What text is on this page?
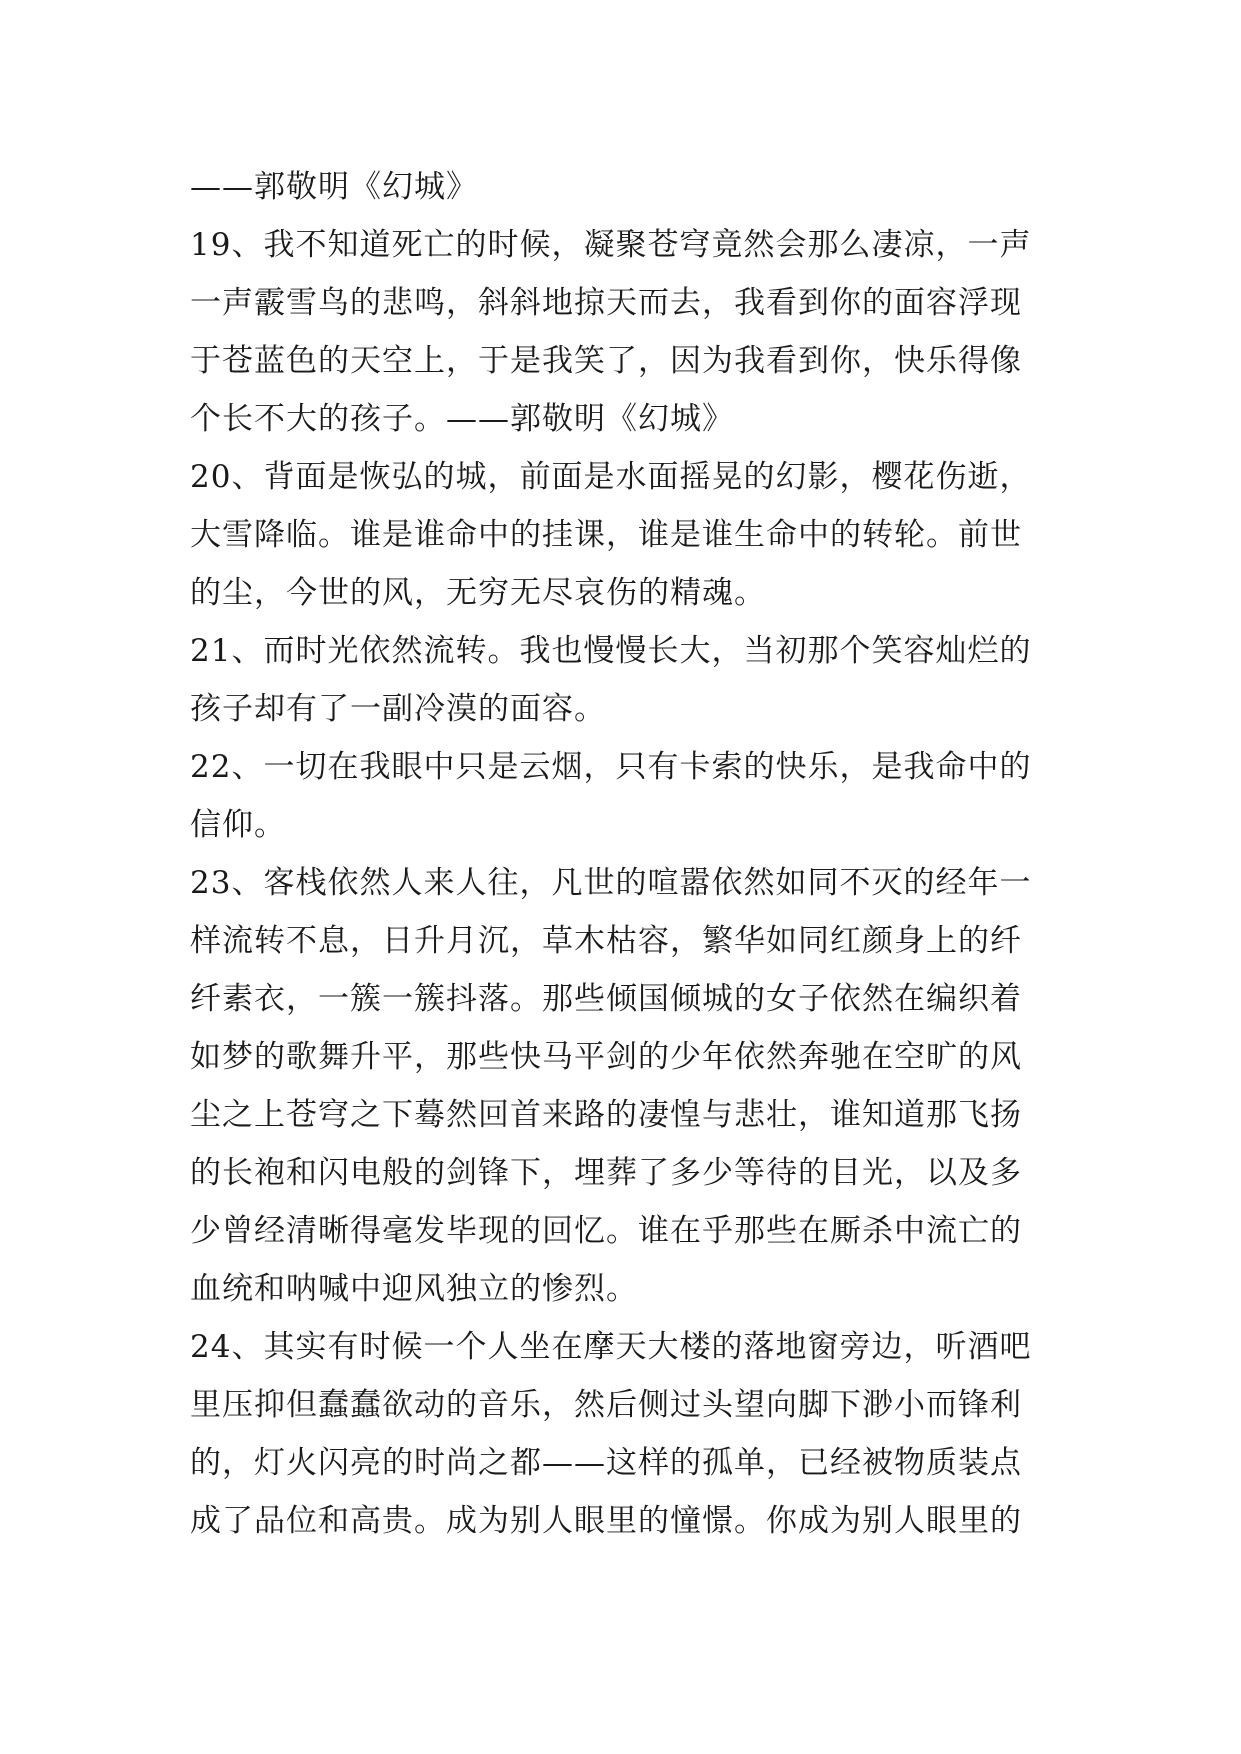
——郭敬明《幻城》
19、我不知道死亡的时候，凝聚苍穹竟然会那么凄凉，一声
一声霰雪鸟的悲鸣，斜斜地掠天而去，我看到你的面容浮现
于苍蓝色的天空上，于是我笑了，因为我看到你，快乐得像
个长不大的孩子。——郭敬明《幻城》
20、背面是恢弘的城，前面是水面摇晃的幻影，樱花伤逝，
大雪降临。谁是谁命中的挂课，谁是谁生命中的转轮。前世
的尘，今世的风，无穷无尽哀伤的精魂。
21、而时光依然流转。我也慢慢长大，当初那个笑容灿烂的
孩子却有了一副冷漠的面容。
22、一切在我眼中只是云烟，只有卡索的快乐，是我命中的
信仰。
23、客栈依然人来人往，凡世的喧嚣依然如同不灭的经年一
样流转不息，日升月沉，草木枯容，繁华如同红颜身上的纤
纤素衣，一簇一簇抖落。那些倾国倾城的女子依然在编织着
如梦的歌舞升平，那些快马平剑的少年依然奔驰在空旷的风
尘之上苍穹之下蓦然回首来路的凄惶与悲壮，谁知道那飞扬
的长袍和闪电般的剑锋下，埋葬了多少等待的目光，以及多
少曾经清晰得毫发毕现的回忆。谁在乎那些在厮杀中流亡的
血统和呐喊中迎风独立的惨烈。
24、其实有时候一个人坐在摩天大楼的落地窗旁边，听酒吧
里压抑但蠢蠢欲动的音乐，然后侧过头望向脚下渺小而锋利
的，灯火闪亮的时尚之都——这样的孤单，已经被物质装点
成了品位和高贵。成为别人眼里的憧憬。你成为别人眼里的
